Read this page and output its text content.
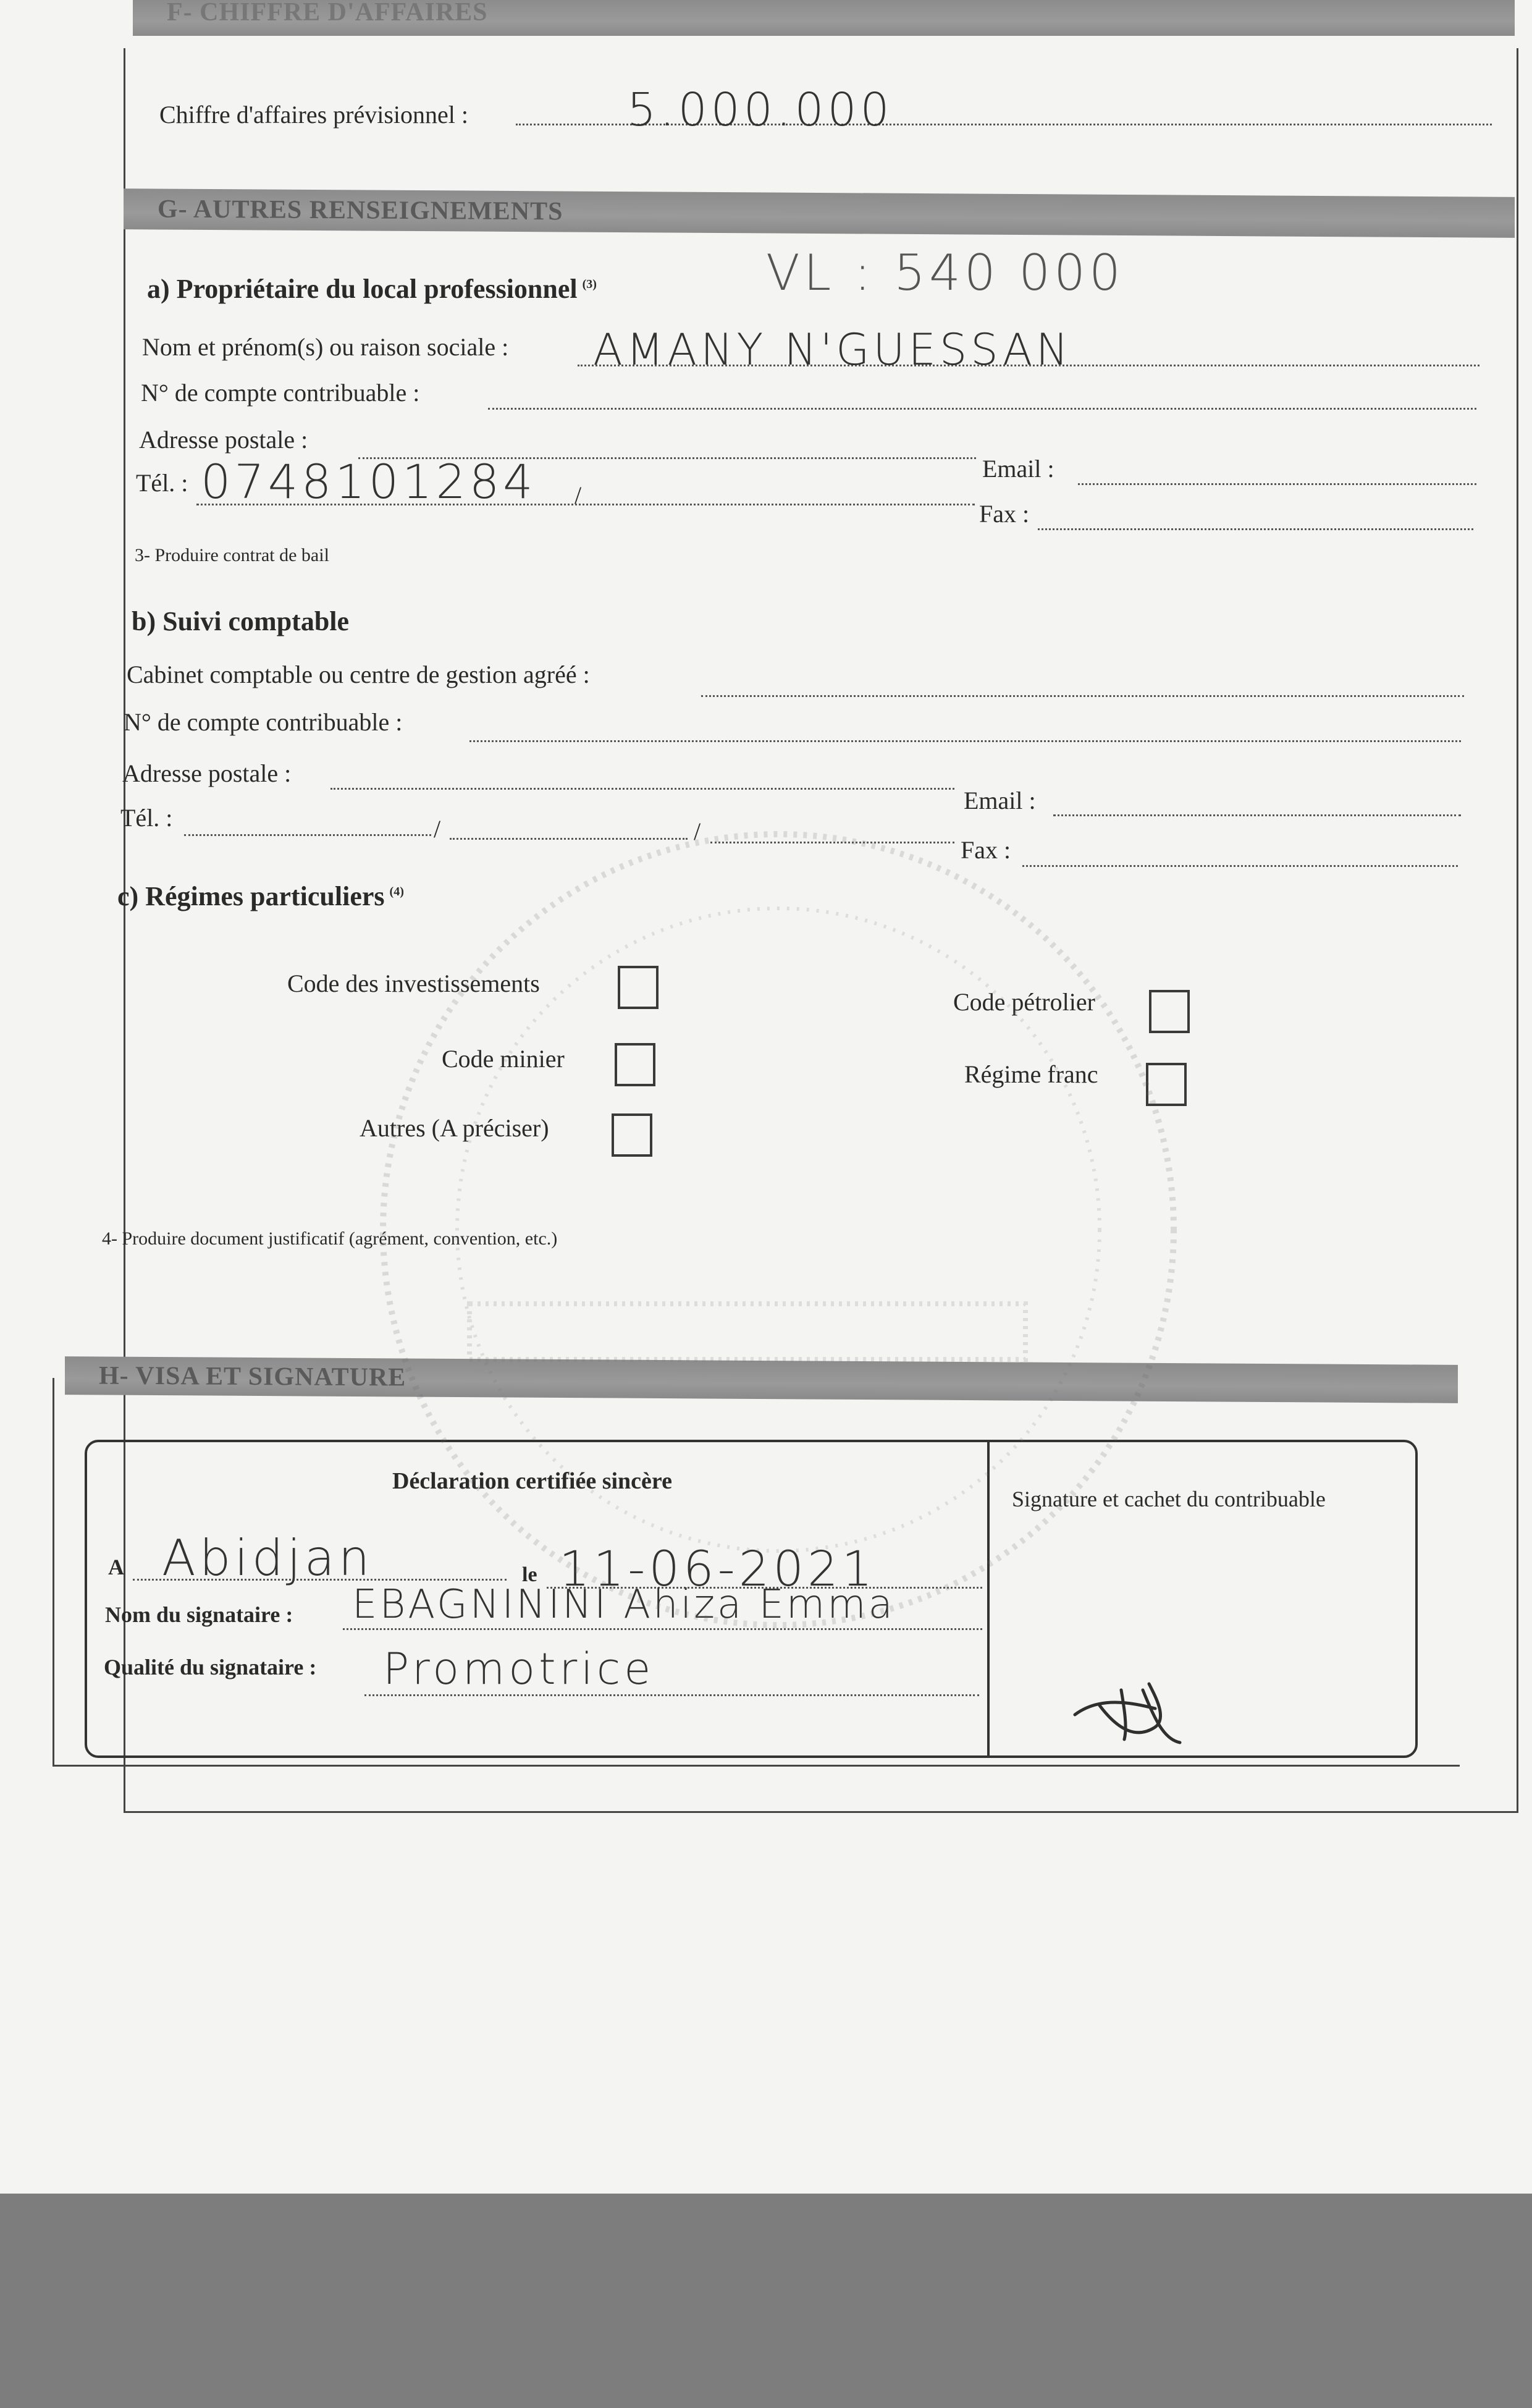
F- CHIFFRE D'AFFAIRES
Chiffre d'affaires prévisionnel :	5.000.000
G- AUTRES RENSEIGNEMENTS
a) Propriétaire du local professionnel $^{(3)}$	VL : 540 000
Nom et prénom(s) ou raison sociale : AMANY N'GUESSAN
N° de compte contribuable :
Adresse postale :
Email :
Tél. : 0748101284 /
Fax :
3- Produire contrat de bail
b) Suivi comptable
Cabinet comptable ou centre de gestion agréé :
N° de compte contribuable :
Adresse postale :
Email :
Tél. :	/	/
Fax :
c) Régimes particuliers $^{(4)}$
Code des investissements
Code minier
Autres (A préciser)
Code pétrolier
Régime franc
4- Produire document justificatif (agrément, convention, etc.)
H- VISA ET SIGNATURE
Déclaration certifiée sincère
Signature et cachet du contribuable
A Abidjan	le 11-06-2021
Nom du signataire : EBAGNININI Ahiza Emma
Qualité du signataire : Promotrice
